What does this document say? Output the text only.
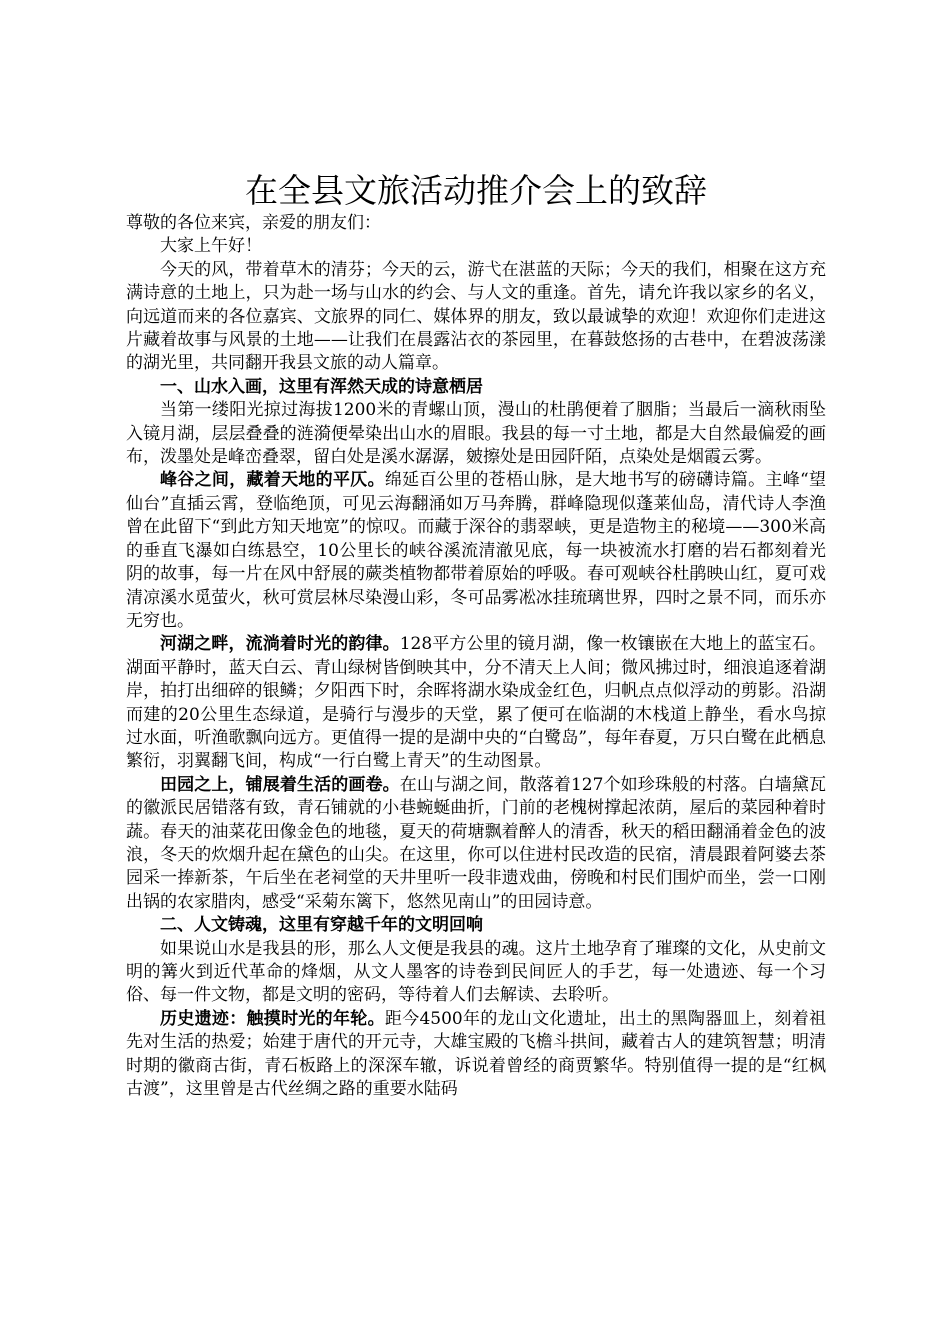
在全县文旅活动推介会上的致辞

尊敬的各位来宾，亲爱的朋友们：

大家上午好！

今天的风，带着草木的清芬；今天的云，游弋在湛蓝的天际；今天的我们，相聚在这方充满诗意的土地上，只为赴一场与山水的约会、与人文的重逢。首先，请允许我以家乡的名义，向远道而来的各位嘉宾、文旅界的同仁、媒体界的朋友，致以最诚挚的欢迎！欢迎你们走进这片藏着故事与风景的土地——让我们在晨露沾衣的茶园里，在暮鼓悠扬的古巷中，在碧波荡漾的湖光里，共同翻开我县文旅的动人篇章。

一、山水入画，这里有浑然天成的诗意栖居

当第一缕阳光掠过海拔1200米的青螺山顶，漫山的杜鹃便着了胭脂；当最后一滴秋雨坠入镜月湖，层层叠叠的涟漪便晕染出山水的眉眼。我县的每一寸土地，都是大自然最偏爱的画布，泼墨处是峰峦叠翠，留白处是溪水潺潺，皴擦处是田园阡陌，点染处是烟霞云雾。

峰谷之间，藏着天地的平仄。绵延百公里的苍梧山脉，是大地书写的磅礴诗篇。主峰“望仙台”直插云霄，登临绝顶，可见云海翻涌如万马奔腾，群峰隐现似蓬莱仙岛，清代诗人李渔曾在此留下“到此方知天地宽”的惊叹。而藏于深谷的翡翠峡，更是造物主的秘境——300米高的垂直飞瀑如白练悬空，10公里长的峡谷溪流清澈见底，每一块被流水打磨的岩石都刻着光阴的故事，每一片在风中舒展的蕨类植物都带着原始的呼吸。春可观峡谷杜鹃映山红，夏可戏清凉溪水觅萤火，秋可赏层林尽染漫山彩，冬可品雾凇冰挂琉璃世界，四时之景不同，而乐亦无穷也。

河湖之畔，流淌着时光的韵律。128平方公里的镜月湖，像一枚镶嵌在大地上的蓝宝石。湖面平静时，蓝天白云、青山绿树皆倒映其中，分不清天上人间；微风拂过时，细浪追逐着湖岸，拍打出细碎的银鳞；夕阳西下时，余晖将湖水染成金红色，归帆点点似浮动的剪影。沿湖而建的20公里生态绿道，是骑行与漫步的天堂，累了便可在临湖的木栈道上静坐，看水鸟掠过水面，听渔歌飘向远方。更值得一提的是湖中央的“白鹭岛”，每年春夏，万只白鹭在此栖息繁衍，羽翼翻飞间，构成“一行白鹭上青天”的生动图景。

田园之上，铺展着生活的画卷。在山与湖之间，散落着127个如珍珠般的村落。白墙黛瓦的徽派民居错落有致，青石铺就的小巷蜿蜒曲折，门前的老槐树撑起浓荫，屋后的菜园种着时蔬。春天的油菜花田像金色的地毯，夏天的荷塘飘着醉人的清香，秋天的稻田翻涌着金色的波浪，冬天的炊烟升起在黛色的山尖。在这里，你可以住进村民改造的民宿，清晨跟着阿婆去茶园采一捧新茶，午后坐在老祠堂的天井里听一段非遗戏曲，傍晚和村民们围炉而坐，尝一口刚出锅的农家腊肉，感受“采菊东篱下，悠然见南山”的田园诗意。

二、人文铸魂，这里有穿越千年的文明回响

如果说山水是我县的形，那么人文便是我县的魂。这片土地孕育了璀璨的文化，从史前文明的篝火到近代革命的烽烟，从文人墨客的诗卷到民间匠人的手艺，每一处遗迹、每一个习俗、每一件文物，都是文明的密码，等待着人们去解读、去聆听。

历史遗迹：触摸时光的年轮。距今4500年的龙山文化遗址，出土的黑陶器皿上，刻着祖先对生活的热爱；始建于唐代的开元寺，大雄宝殿的飞檐斗拱间，藏着古人的建筑智慧；明清时期的徽商古街，青石板路上的深深车辙，诉说着曾经的商贾繁华。特别值得一提的是“红枫古渡”，这里曾是古代丝绸之路的重要水陆码
